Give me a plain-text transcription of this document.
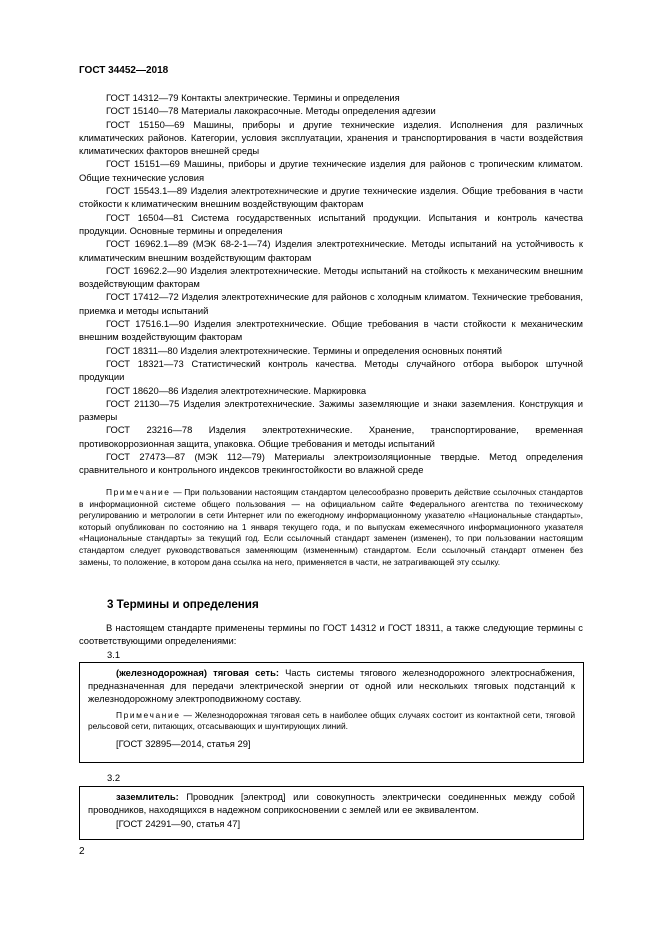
ГОСТ 34452—2018

ГОСТ 14312—79 Контакты электрические. Термины и определения

ГОСТ 15140—78 Материалы лакокрасочные. Методы определения адгезии

ГОСТ 15150—69 Машины, приборы и другие технические изделия. Исполнения для различных климатических районов. Категории, условия эксплуатации, хранения и транспортирования в части воздействия климатических факторов внешней среды

ГОСТ 15151—69 Машины, приборы и другие технические изделия для районов с тропическим климатом. Общие технические условия

ГОСТ 15543.1—89 Изделия электротехнические и другие технические изделия. Общие требования в части стойкости к климатическим внешним воздействующим факторам

ГОСТ 16504—81 Система государственных испытаний продукции. Испытания и контроль качества продукции. Основные термины и определения

ГОСТ 16962.1—89 (МЭК 68-2-1—74) Изделия электротехнические. Методы испытаний на устойчивость к климатическим внешним воздействующим факторам

ГОСТ 16962.2—90 Изделия электротехнические. Методы испытаний на стойкость к механическим внешним воздействующим факторам

ГОСТ 17412—72 Изделия электротехнические для районов с холодным климатом. Технические требования, приемка и методы испытаний

ГОСТ 17516.1—90 Изделия электротехнические. Общие требования в части стойкости к механическим внешним воздействующим факторам

ГОСТ 18311—80 Изделия электротехнические. Термины и определения основных понятий

ГОСТ 18321—73 Статистический контроль качества. Методы случайного отбора выборок штучной продукции

ГОСТ 18620—86 Изделия электротехнические. Маркировка

ГОСТ 21130—75 Изделия электротехнические. Зажимы заземляющие и знаки заземления. Конструкция и размеры

ГОСТ 23216—78 Изделия электротехнические. Хранение, транспортирование, временная противокоррозионная защита, упаковка. Общие требования и методы испытаний

ГОСТ 27473—87 (МЭК 112—79) Материалы электроизоляционные твердые. Метод определения сравнительного и контрольного индексов трекингостойкости во влажной среде

Примечание — При пользовании настоящим стандартом целесообразно проверить действие ссылочных стандартов в информационной системе общего пользования — на официальном сайте Федерального агентства по техническому регулированию и метрологии в сети Интернет или по ежегодному информационному указателю «Национальные стандарты», который опубликован по состоянию на 1 января текущего года, и по выпускам ежемесячного информационного указателя «Национальные стандарты» за текущий год. Если ссылочный стандарт заменен (изменен), то при пользовании настоящим стандартом следует руководствоваться заменяющим (измененным) стандартом. Если ссылочный стандарт отменен без замены, то положение, в котором дана ссылка на него, применяется в части, не затрагивающей эту ссылку.

3 Термины и определения

В настоящем стандарте применены термины по ГОСТ 14312 и ГОСТ 18311, а также следующие термины с соответствующими определениями:

3.1

(железнодорожная) тяговая сеть: Часть системы тягового железнодорожного электроснабжения, предназначенная для передачи электрической энергии от одной или нескольких тяговых подстанций к железнодорожному электроподвижному составу.

Примечание — Железнодорожная тяговая сеть в наиболее общих случаях состоит из контактной сети, тяговой рельсовой сети, питающих, отсасывающих и шунтирующих линий.

[ГОСТ 32895—2014, статья 29]

3.2

заземлитель: Проводник [электрод] или совокупность электрически соединенных между собой проводников, находящихся в надежном соприкосновении с землей или ее эквивалентом.

[ГОСТ 24291—90, статья 47]

2
